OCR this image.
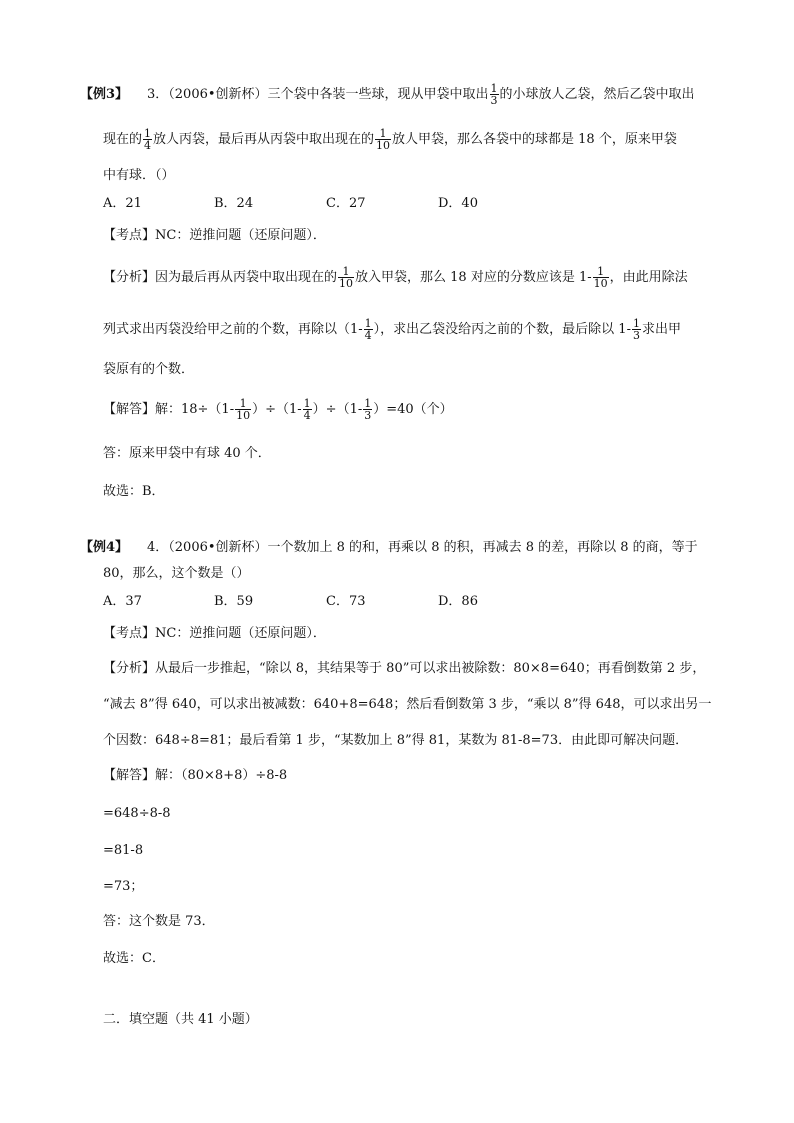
【例3】 3．（2006•创新杯）三个袋中各装一些球，现从甲袋中取出 $\frac{1}{3}$ 的小球放人乙袋，然后乙袋中取出
现在的 $\frac{1}{4}$ 放人丙袋，最后再从丙袋中取出现在的 $\frac{1}{10}$ 放人甲袋，那么各袋中的球都是 18 个，原来甲袋
中有球．（）
A．21	B．24	C．27	D．40
【考点】NC：逆推问题（还原问题）．
【分析】因为最后再从丙袋中取出现在的 $\frac{1}{10}$ 放入甲袋，那么 18 对应的分数应该是 $1- \frac{1}{10}$ ，由此用除法
列式求出丙袋没给甲之前的个数，再除以（$1- \frac{1}{4}$ ），求出乙袋没给丙之前的个数，最后除以 $1- \frac{1}{3}$ 求出甲
袋原有的个数．
【解答】解：$18\div(1- \frac{1}{10} )\div(1- \frac{1}{4} )\div(1- \frac{1}{3} )=40$（个）
答：原来甲袋中有球 40 个．
故选：B．
【例4】 4．（2006•创新杯）一个数加上 8 的和，再乘以 8 的积，再减去 8 的差，再除以 8 的商，等于
80，那么，这个数是（）
A．37	B．59	C．73	D．86
【考点】NC：逆推问题（还原问题）．
【分析】从最后一步推起，“除以 8，其结果等于 80”可以求出被除数：80×8=640；再看倒数第 2 步，
“减去 8”得 640，可以求出被减数：640+8=648；然后看倒数第 3 步，“乘以 8”得 648，可以求出另一
个因数：648÷8=81；最后看第 1 步，“某数加上 8”得 81，某数为 81-8=73．由此即可解决问题．
【解答】解：（80×8+8）÷8-8
=648÷8-8
=81-8
=73；
答：这个数是 73．
故选：C．
二．填空题（共 41 小题）
